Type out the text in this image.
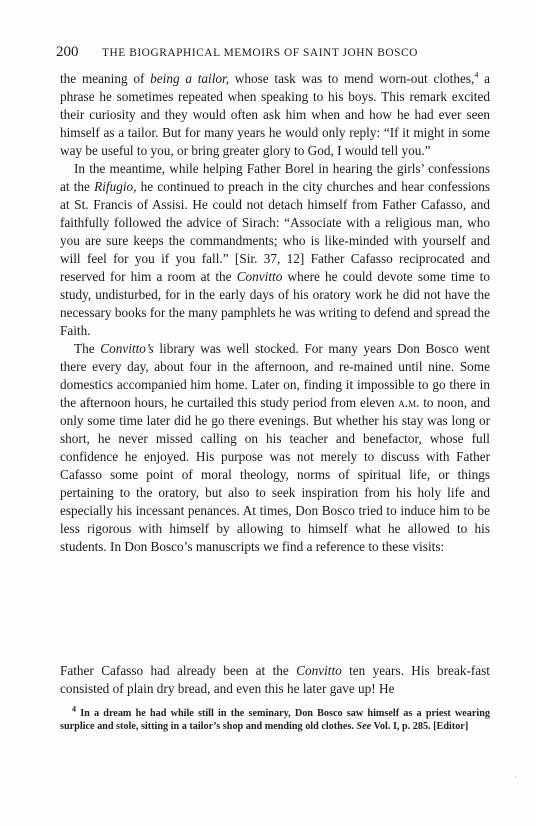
200 THE BIOGRAPHICAL MEMOIRS OF SAINT JOHN BOSCO

the meaning of being a tailor, whose task was to mend worn-out clothes,$^4$ a phrase he sometimes repeated when speaking to his boys. This remark excited their curiosity and they would often ask him when and how he had ever seen himself as a tailor. But for many years he would only reply: “If it might in some way be useful to you, or bring greater glory to God, I would tell you.”

In the meantime, while helping Father Borel in hearing the girls’ confessions at the Rifugio, he continued to preach in the city churches and hear confessions at St. Francis of Assisi. He could not detach himself from Father Cafasso, and faithfully followed the advice of Sirach: “Associate with a religious man, who you are sure keeps the commandments; who is like-minded with yourself and will feel for you if you fall.” [Sir. 37, 12] Father Cafasso reciprocated and reserved for him a room at the Convitto where he could devote some time to study, undisturbed, for in the early days of his oratory work he did not have the necessary books for the many pamphlets he was writing to defend and spread the Faith.

The Convitto’s library was well stocked. For many years Don Bosco went there every day, about four in the afternoon, and re-mained until nine. Some domestics accompanied him home. Later on, finding it impossible to go there in the afternoon hours, he curtailed this study period from eleven a.m. to noon, and only some time later did he go there evenings. But whether his stay was long or short, he never missed calling on his teacher and benefactor, whose full confidence he enjoyed. His purpose was not merely to discuss with Father Cafasso some point of moral theology, norms of spiritual life, or things pertaining to the oratory, but also to seek inspiration from his holy life and especially his incessant penances. At times, Don Bosco tried to induce him to be less rigorous with himself by allowing to himself what he allowed to his students. In Don Bosco’s manuscripts we find a reference to these visits:

Father Cafasso had already been at the Convitto ten years. His break-fast consisted of plain dry bread, and even this he later gave up! He

$^4$ In a dream he had while still in the seminary, Don Bosco saw himself as a priest wearing surplice and stole, sitting in a tailor’s shop and mending old clothes. See Vol. I, p. 285. [Editor]

ˌ
